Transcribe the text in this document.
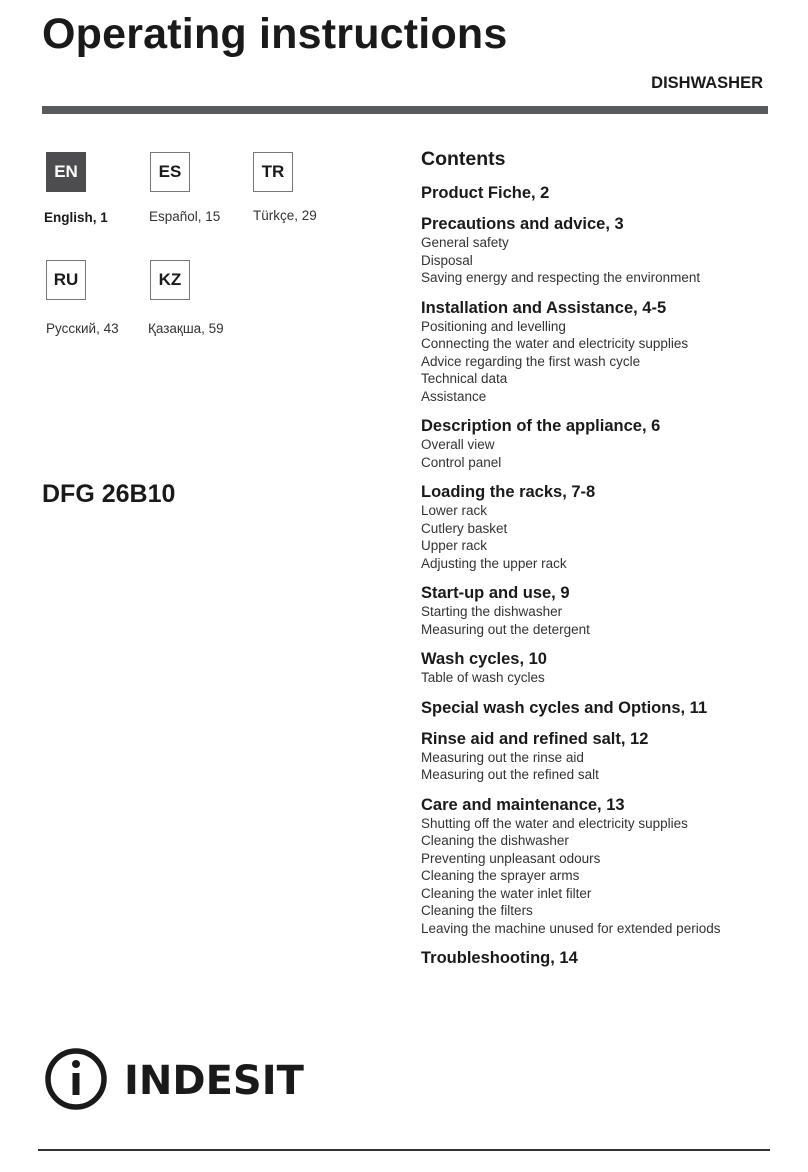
Operating instructions
DISHWASHER
EN
English, 1
ES
Español, 15
TR
Türkçe, 29
RU
Русский, 43
KZ
Қазақша, 59
DFG 26B10
Contents
Product Fiche, 2
Precautions and advice, 3
General safety
Disposal
Saving energy and respecting the environment
Installation and Assistance, 4-5
Positioning and levelling
Connecting the water and electricity supplies
Advice regarding the first wash cycle
Technical data
Assistance
Description of the appliance, 6
Overall view
Control panel
Loading the racks, 7-8
Lower rack
Cutlery basket
Upper rack
Adjusting the upper rack
Start-up and use, 9
Starting the dishwasher
Measuring out the detergent
Wash cycles, 10
Table of wash cycles
Special wash cycles and Options, 11
Rinse aid and refined salt, 12
Measuring out the rinse aid
Measuring out the refined salt
Care and maintenance, 13
Shutting off the water and electricity supplies
Cleaning the dishwasher
Preventing unpleasant odours
Cleaning the sprayer arms
Cleaning the water inlet filter
Cleaning the filters
Leaving the machine unused for extended periods
Troubleshooting, 14
INDESIT
